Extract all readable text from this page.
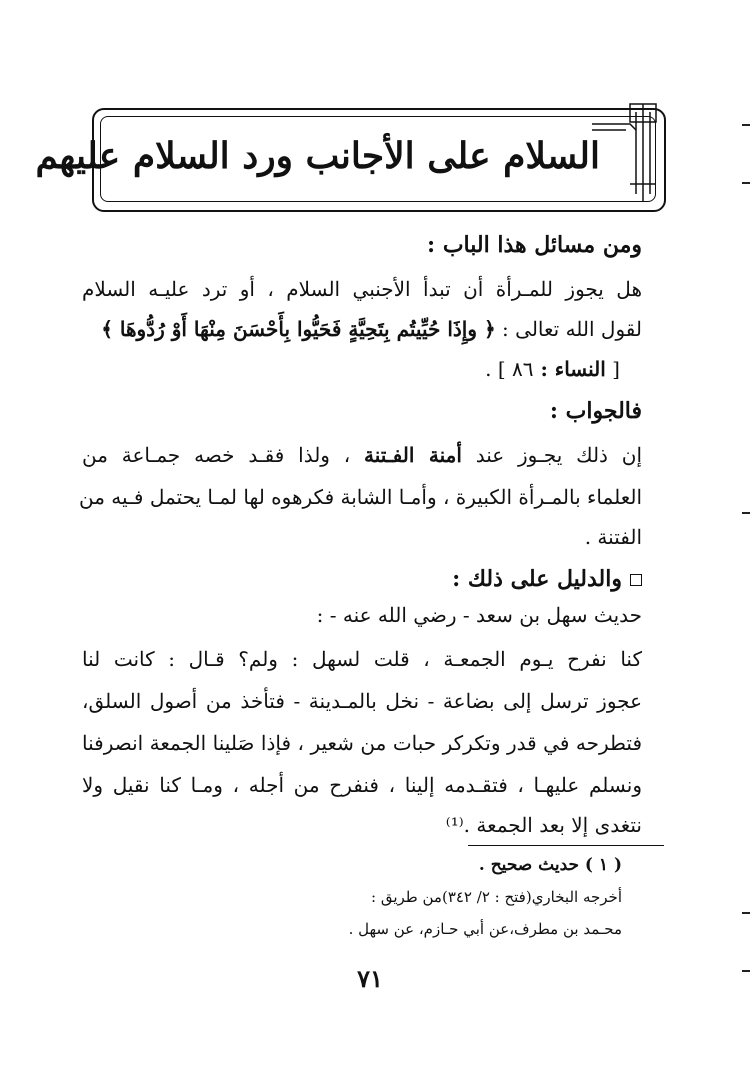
السلام على الأجانب ورد السلام عليهم
ومن مسائل هذا الباب :
هل يجوز للمـرأة أن تبدأ الأجنبي السلام ، أو ترد عليـه السلام
لقول الله تعالى : ﴿ وإِذَا حُيِّيتُم بِتَحِيَّةٍ فَحَيُّوا بِأَحْسَنَ مِنْهَا أَوْ رُدُّوهَا ﴾
[ النساء : ٨٦ ] .
فالجواب :
إن ذلك يجـوز عند أمنة الفـتنة ، ولذا فقـد خصه جمـاعة من
العلماء بالمـرأة الكبيرة ، وأمـا الشابة فكرهوه لها لمـا يحتمل فـيه من
الفتنة .
والدليل على ذلك :
حديث سهل بن سعد - رضي الله عنه - :
كنا نفرح يـوم الجمعـة ، قلت لسهل : ولم؟ قـال : كانت لنا
عجوز ترسل إلى بضاعة - نخل بالمـدينة - فتأخذ من أصول السلق،
فتطرحه في قدر وتكركر حبات من شعير ، فإذا صَلينا الجمعة انصرفنا
ونسلم عليهـا ، فتقـدمه إلينا ، فنفرح من أجله ، ومـا كنا نقيل ولا
نتغدى إلا بعد الجمعة .⁽¹⁾
( ١ ) حديث صحيح .
أخرجه البخاري(فتح : ٢/ ٣٤٢)من طريق :
محـمد بن مطرف،عن أبي حـازم، عن سهل .
٧١
